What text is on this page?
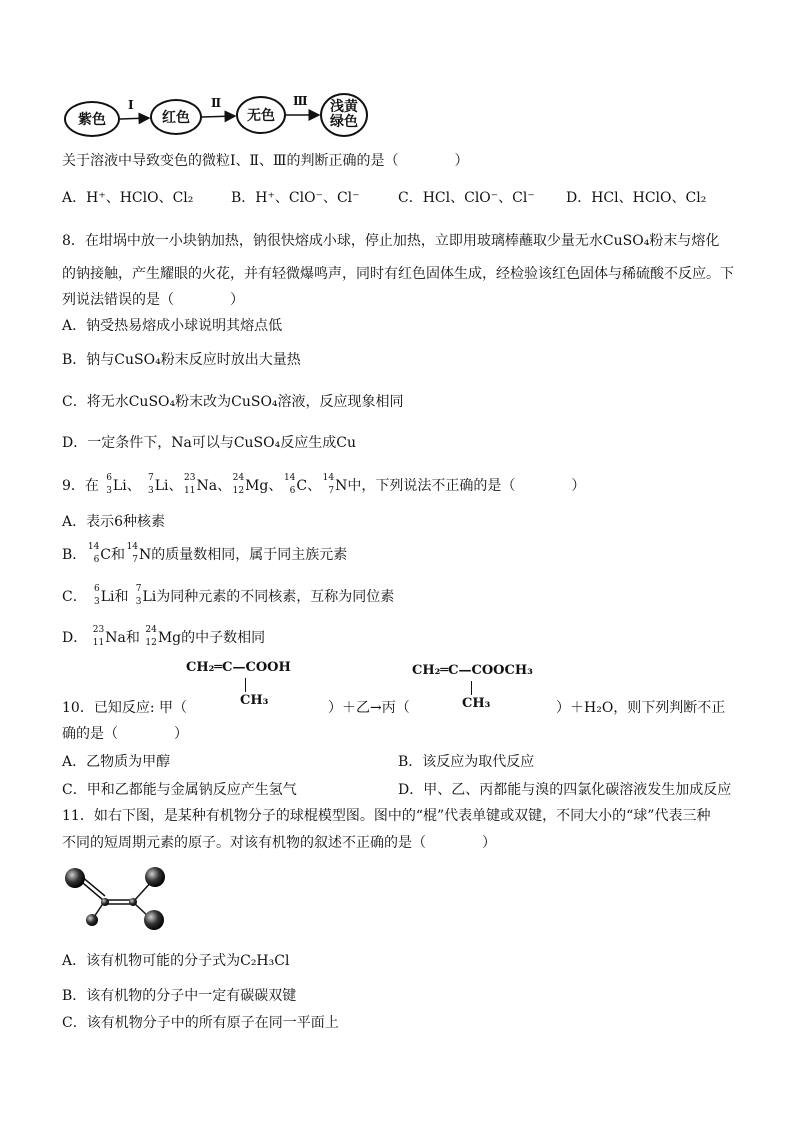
紫色	红色	无色
浅黄
绿色
Ⅰ	Ⅱ	Ⅲ
关于溶液中导致变色的微粒Ⅰ、Ⅱ、Ⅲ的判断正确的是（　　　　）
A．H⁺、HClO、Cl₂	B．H⁺、ClO⁻、Cl⁻	C．HCl、ClO⁻、Cl⁻ D．HCl、HClO、Cl₂
8．在坩埚中放一小块钠加热，钠很快熔成小球，停止加热，立即用玻璃棒蘸取少量无水CuSO₄粉末与熔化
的钠接触，产生耀眼的火花，并有轻微爆鸣声，同时有红色固体生成，经检验该红色固体与稀硫酸不反应。下
列说法错误的是（　　　　）
A．钠受热易熔成小球说明其熔点低
B．钠与CuSO₄粉末反应时放出大量热
C．将无水CuSO₄粉末改为CuSO₄溶液，反应现象相同
D．一定条件下，Na可以与CuSO₄反应生成Cu
9．在 6
3 Li、 7
3 Li、 23
11 Na、 24
12 Mg、 14
6 C、 14
7 N中，下列说法不正确的是（　　　　）
A．表示6种核素
B． 14
6 C和 14
7 N的质量数相同，属于同主族元素
C． 6
3 Li和 7
3 Li为同种元素的不同核素，互称为同位素
D． 23
11 Na和 24
12 Mg的中子数相同
CH₂═C—COOH
CH₃
CH₂═C—COOCH₃
CH₃
10．已知反应: 甲（	）＋乙→丙（	）＋H₂O，则下列判断不正
确的是（　　　　）
A．乙物质为甲醇	B．该反应为取代反应
C．甲和乙都能与金属钠反应产生氢气	D．甲、乙、丙都能与溴的四氯化碳溶液发生加成反应
11．如右下图，是某种有机物分子的球棍模型图。图中的“棍”代表单键或双键，不同大小的“球”代表三种
不同的短周期元素的原子。对该有机物的叙述不正确的是（　　　　）
A．该有机物可能的分子式为C₂H₃Cl
B．该有机物的分子中一定有碳碳双键
C．该有机物分子中的所有原子在同一平面上
